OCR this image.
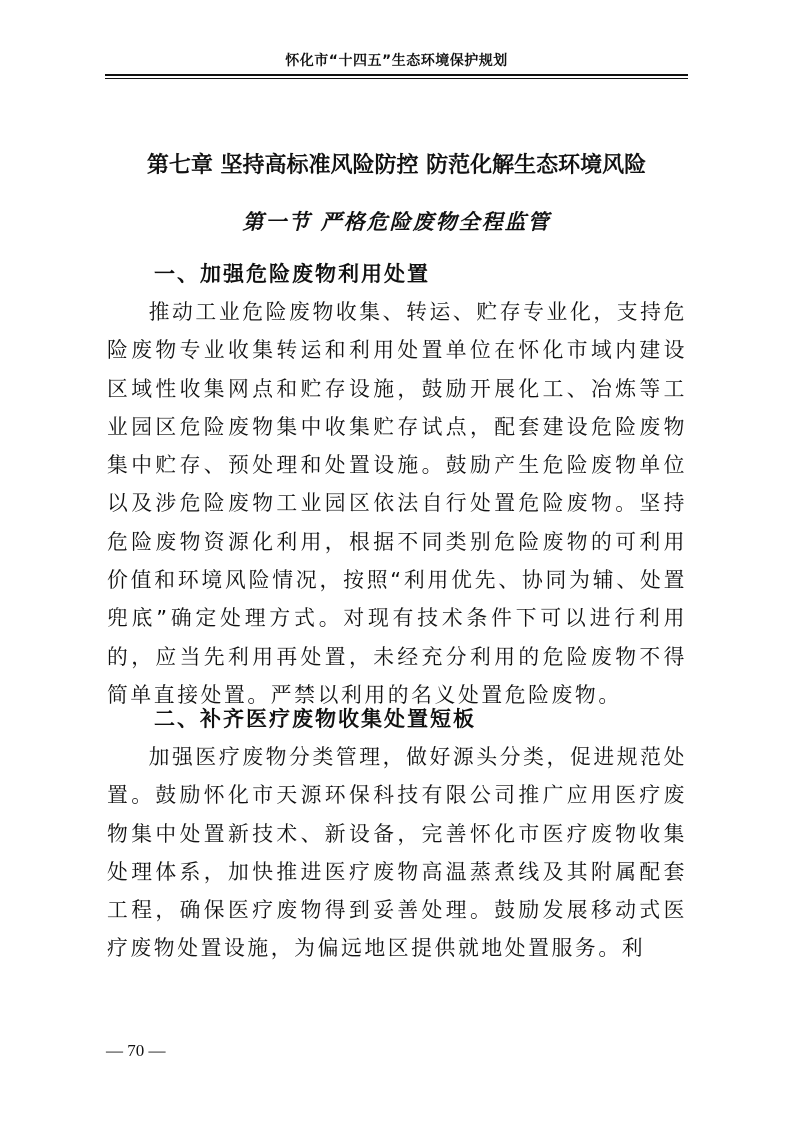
怀化市“十四五”生态环境保护规划
第七章 坚持高标准风险防控 防范化解生态环境风险
第一节 严格危险废物全程监管
一、加强危险废物利用处置

推动工业危险废物收集、转运、贮存专业化，支持危险废物专业收集转运和利用处置单位在怀化市域内建设区域性收集网点和贮存设施，鼓励开展化工、冶炼等工业园区危险废物集中收集贮存试点，配套建设危险废物集中贮存、预处理和处置设施。鼓励产生危险废物单位以及涉危险废物工业园区依法自行处置危险废物。坚持危险废物资源化利用，根据不同类别危险废物的可利用价值和环境风险情况，按照“利用优先、协同为辅、处置兜底”确定处理方式。对现有技术条件下可以进行利用的，应当先利用再处置，未经充分利用的危险废物不得简单直接处置。严禁以利用的名义处置危险废物。

二、补齐医疗废物收集处置短板

加强医疗废物分类管理，做好源头分类，促进规范处置。鼓励怀化市天源环保科技有限公司推广应用医疗废物集中处置新技术、新设备，完善怀化市医疗废物收集处理体系，加快推进医疗废物高温蒸煮线及其附属配套工程，确保医疗废物得到妥善处理。鼓励发展移动式医疗废物处置设施，为偏远地区提供就地处置服务。利

— 70 —
